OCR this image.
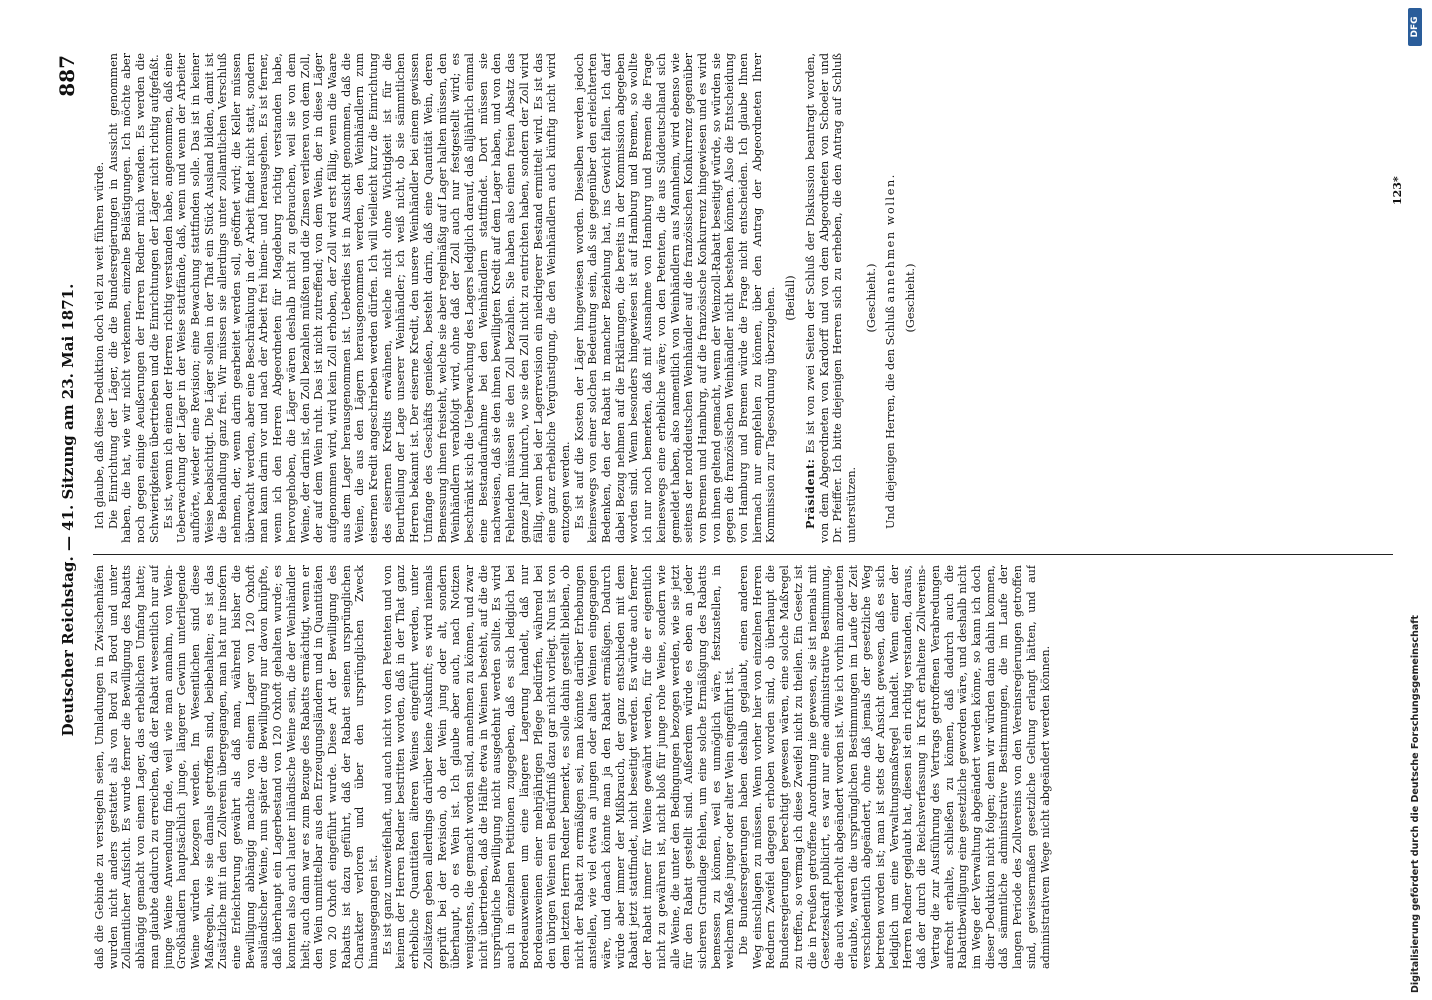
Deutscher Reichstag. — 41. Sitzung am 23. Mai 1871.
887

daß die Gebinde zu versiegeln seien, Umladungen in Zwischenhäfen wurden nicht anders gestattet als von Bord zu Bord und unter Zollamtlicher Aufsicht. Es wurde ferner die Bewilligung des Rabatts abhängig gemacht von einem Lager, das erheblichen Umfang hatte; man glaubte dadurch zu erreichen, daß der Rabatt wesentlich nur auf junge Weine Anwendung finde, weil wie man annahm, von Wein-Großhändlern hauptsächlich junge, längerer Gewinn unterliegende Weine würden bezogen werden. Im Wesentlichen sind diese Maßregeln, wie sie damals getroffen sind, beibehalten; es ist das Zusätzliche mit in den Zollverein übergegangen, man hat nur insofern eine Erleichterung gewährt als daß man, während bisher die Bewilligung abhängig machte von einem Lager von 120 Oxhoft ausländischer Weine, nun später die Bewilligung nur davon knüpfte, daß überhaupt ein Lagerbestand von 120 Oxhoft gehalten wurde; es konnten also auch lauter inländische Weine sein, die der Weinhändler hielt; auch dann war es zum Bezuge des Rabatts ermächtigt, wenn er den Wein unmittelbar aus den Erzeugungsländern und in Quantitäten von 20 Oxhoft eingeführt wurde. Diese Art der Bewilligung des Rabatts ist dazu geführt, daß der Rabatt seinen ursprünglichen Charakter verloren und über den ursprünglichen Zweck hinausgegangen ist. Es ist ganz unzweifelhaft, und auch nicht von den Petenten und von keinem der Herren Redner bestritten worden, daß in der That ganz erhebliche Quantitäten älteren Weines eingeführt werden, unter Zollsätzen geben allerdings darüber keine Auskunft; es wird niemals geprüft bei der Revision, ob der Wein jung oder alt, sondern überhaupt, ob es Wein ist. Ich glaube aber auch, nach Notizen wenigstens, die gemacht worden sind, annehmen zu können, und zwar nicht übertrieben, daß die Hälfte etwa in Weinen besteht, auf die die ursprüngliche Bewilligung nicht ausgedehnt werden sollte. Es wird auch in einzelnen Petitionen zugegeben, daß es sich lediglich bei Bordeauxweinen um eine längere Lagerung handelt, daß nur Bordeauxweinen einer mehrjährigen Pflege bedürfen, während bei den übrigen Weinen ein Bedürfniß dazu gar nicht vorliegt. Nun ist von dem letzten Herrn Redner bemerkt, es solle dahin gestellt bleiben, ob nicht der Rabatt zu ermäßigen sei, man könnte darüber Erhebungen anstellen, wie viel etwa an jungen oder alten Weinen eingegangen wäre, und danach könnte man ja den Rabatt ermäßigen. Dadurch würde aber immer der Mißbrauch, der ganz entschieden mit dem Rabatt jetzt stattfindet, nicht beseitigt werden. Es würde auch ferner der Rabatt immer für Weine gewährt werden, für die er eigentlich nicht zu gewähren ist, nicht bloß für junge rohe Weine, sondern wie alle Weine, die unter den Bedingungen bezogen werden, wie sie jetzt für den Rabatt gestellt sind. Außerdem würde es eben an jeder sicheren Grundlage fehlen, um eine solche Ermäßigung des Rabatts bemessen zu können, weil es unmöglich wäre, festzustellen, in welchem Maße junger oder alter Wein eingeführt ist. Die Bundesregierungen haben deshalb geglaubt, einen anderen Weg einschlagen zu müssen. Wenn vorher hier von einzelnen Herren Rednern Zweifel dagegen erhoben worden sind, ob überhaupt die Bundesregierungen berechtigt gewesen wären, eine solche Maßregel zu treffen, so vermag ich diese Zweifel nicht zu theilen. Ein Gesetz ist die in Preußen getroffene Anordnung nie gewesen, sie ist niemals mit Gesetzeskraft publicirt, es war nur eine administrative Bestimmung, die auch wiederholt abgeändert worden ist. Wie ich vorhin anzudeuten erlaubte, waren die ursprünglichen Bestimmungen im Laufe der Zeit verschiedentlich abgeändert, ohne daß jemals der gesetzliche Weg betreten worden ist; man ist stets der Ansicht gewesen, daß es sich lediglich um eine Verwaltungsmaßregel handelt. Wenn einer der Herren Redner geglaubt hat, diesen ist ein richtig verstanden, daraus, daß der durch die Reichsverfassung in Kraft erhaltene Zollvereins-Vertrag die zur Ausführung des Vertrags getroffenen Verabredungen aufrecht erhalte, schließen zu können, daß dadurch auch die Rabattbewilligung eine gesetzliche geworden wäre, und deshalb nicht im Wege der Verwaltung abgeändert werden könne, so kann ich doch dieser Deduktion nicht folgen; denn wir würden dann dahin kommen, daß sämmtliche administrative Bestimmungen, die im Laufe der langen Periode des Zollvereins von den Vereinsregierungen getroffen sind, gewissermaßen gesetzliche Geltung erlangt hätten, und auf administrativem Wege nicht abgeändert werden können.

Ich glaube, daß diese Deduktion doch viel zu weit führen würde. Die Einrichtung der Läger, die die Bundesregierungen in Aussicht genommen haben, die hat, wie wir nicht verkennen, einzelne Belästigungen. Ich möchte aber noch gegen einige Aeußerungen der Herren Redner mich wenden. Es werden die Schwierigkeiten übertrieben und die Einrichtungen der Läger nicht richtig aufgefaßt. Es ist, wenn ich einen der Herren richtig verstanden habe, angenommen, daß eine Ueberwachung der Läger in der Weise stattfände, daß, wenn und wenn der Arbeiter aufhörte, wieder eine Revision; eine Bewachung stattfinden solle. Das ist in keiner Weise beabsichtigt. Die Läger sollen in der That ein Stück Ausland bilden, damit ist die Behandlung ganz frei. Wir müssen sie allerdings unter zollamtlichen Verschluß nehmen, der, wenn darin gearbeitet werden soll, geöffnet wird; die Keller müssen überwacht werden, aber eine Beschränkung in der Arbeit findet nicht statt, sondern man kann darin vor und nach der Arbeit frei hinein- und herausgehen. Es ist ferner, wenn ich den Herren Abgeordneten für Magdeburg richtig verstanden habe, hervorgehoben, die Läger wären deshalb nicht zu gebrauchen, weil sie von dem Weine, der darin ist, den Zoll bezahlen müßten und die Zinsen verlieren von dem Zoll, der auf dem Wein ruht. Das ist nicht zutreffend; von dem Wein, der in diese Läger aufgenommen wird, wird kein Zoll erhoben, der Zoll wird erst fällig, wenn die Waare aus dem Lager herausgenommen ist. Ueberdies ist in Aussicht genommen, daß die Weine, die aus den Lägern herausgenommen werden, den Weinhändlern zum eisernen Kredit angeschrieben werden dürfen. Ich will vielleicht kurz die Einrichtung des eisernen Kredits erwähnen, welche nicht ohne Wichtigkeit ist für die Beurtheilung der Lage unserer Weinhändler; ich weiß nicht, ob sie sämmtlichen Herren bekannt ist. Der eiserne Kredit, den unsere Weinhändler bei einem gewissen Umfange des Geschäfts genießen, besteht darin, daß eine Quantität Wein, deren Bemessung ihnen freisteht, welche sie aber regelmäßig auf Lager halten müssen, den Weinhändlern verabfolgt wird, ohne daß der Zoll auch nur festgestellt wird; es beschränkt sich die Ueberwachung des Lagers lediglich darauf, daß alljährlich einmal eine Bestandaufnahme bei den Weinhändlern stattfindet. Dort müssen sie nachweisen, daß sie den ihnen bewilligten Kredit auf dem Lager haben, und von den Fehlenden müssen sie den Zoll bezahlen. Sie haben also einen freien Absatz das ganze Jahr hindurch, wo sie den Zoll nicht zu entrichten haben, sondern der Zoll wird fällig, wenn bei der Lagerrevision ein niedrigerer Bestand ermittelt wird. Es ist das eine ganz erhebliche Vergünstigung, die den Weinhändlern auch künftig nicht wird entzogen werden. Es ist auf die Kosten der Läger hingewiesen worden. Dieselben werden jedoch keineswegs von einer solchen Bedeutung sein, daß sie gegenüber den erleichterten Bedenken, den der Rabatt in mancher Beziehung hat, ins Gewicht fallen. Ich darf dabei Bezug nehmen auf die Erklärungen, die bereits in der Kommission abgegeben worden sind. Wenn besonders hingewiesen ist auf Hamburg und Bremen, so wollte ich nur noch bemerken, daß mit Ausnahme von Hamburg und Bremen die Frage keineswegs eine erhebliche wäre; von den Petenten, die aus Süddeutschland sich gemeldet haben, also namentlich von Weinhändlern aus Mannheim, wird ebenso wie seitens der norddeutschen Weinhändler auf die französischen Konkurrenz gegenüber von Bremen und Hamburg, auf die französische Konkurrenz hingewiesen und es wird von ihnen geltend gemacht, wenn der Weinzoll-Rabatt beseitigt würde, so würden sie gegen die französischen Weinhändler nicht bestehen können. Also die Entscheidung von Hamburg und Bremen würde die Frage nicht entscheiden. Ich glaube Ihnen hiernach nur empfehlen zu können, über den Antrag der Abgeordneten Ihrer Kommission zur Tagesordnung überzugehen. (Beifall)

Präsident: Es ist von zwei Seiten der Schluß der Diskussion beantragt worden, von dem Abgeordneten von Kardorff und von dem Abgeordneten von Schoeler und Dr. Pfeiffer. Ich bitte diejenigen Herren sich zu erheben, die den Antrag auf Schluß unterstützen.

(Geschieht.)

Und diejenigen Herren, die den Schluß annehmen wollen. (Geschieht.)

123*
Digitalisierung gefördert durch die Deutsche Forschungsgemeinschaft
DFG
